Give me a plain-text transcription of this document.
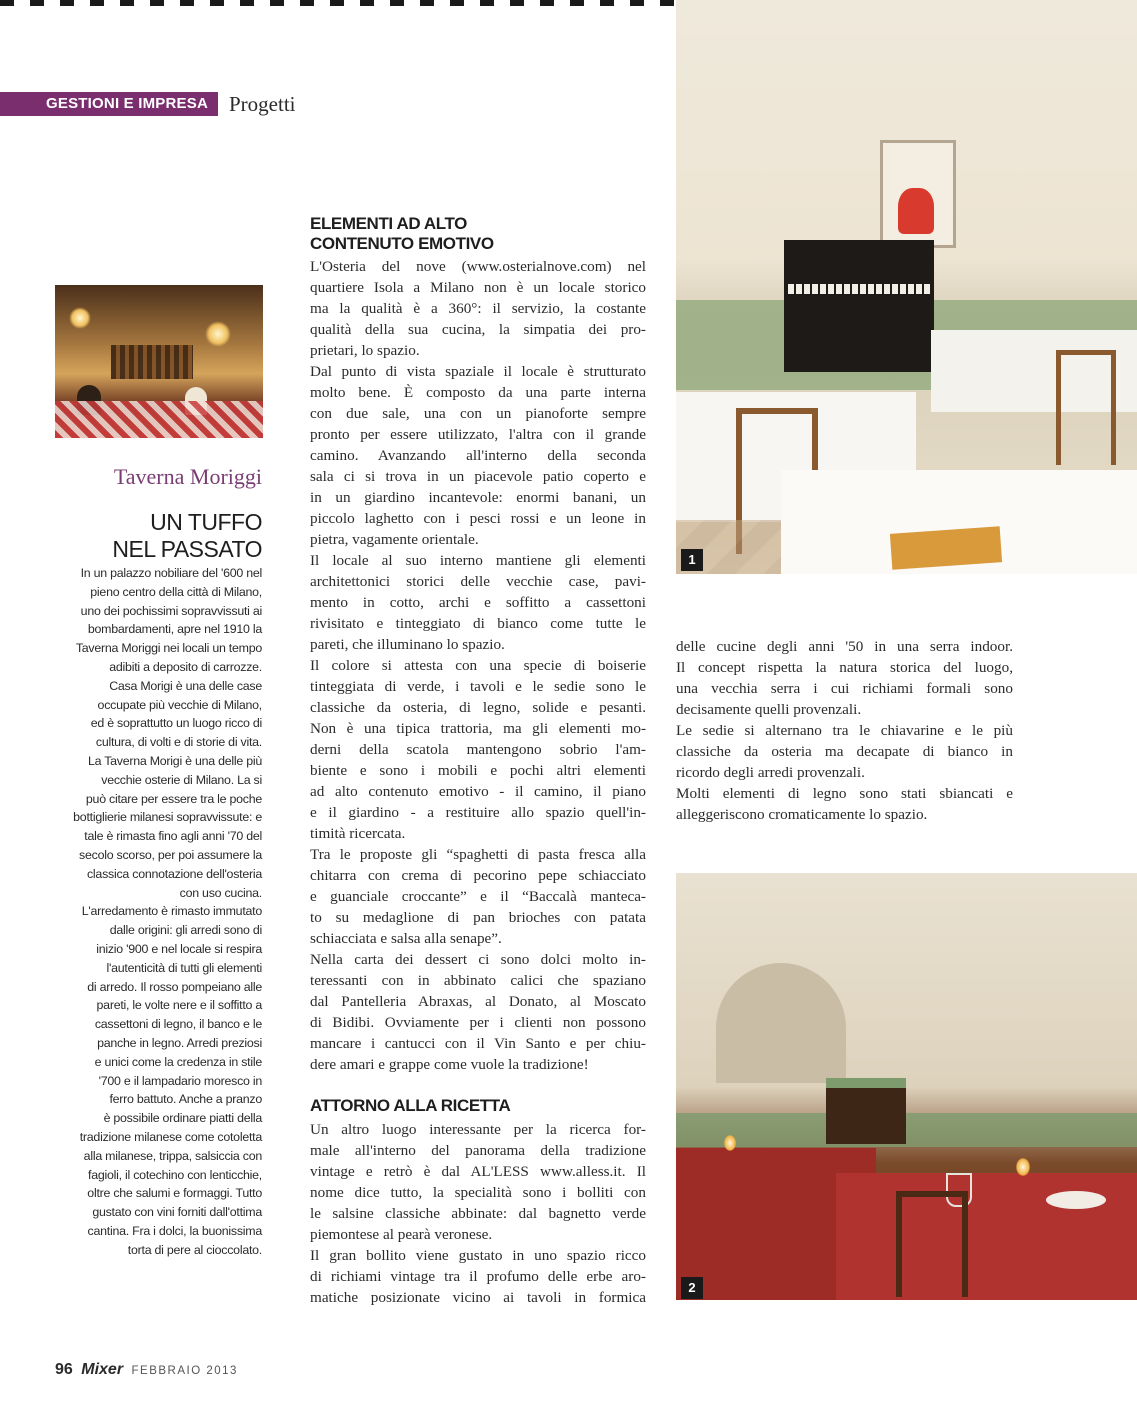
GESTIONI E IMPRESA	Progetti
Taverna Moriggi
UN TUFFO
NEL PASSATO
In un palazzo nobiliare del '600 nel
pieno centro della città di Milano,
uno dei pochissimi sopravvissuti ai
bombardamenti, apre nel 1910 la
Taverna Moriggi nei locali un tempo
adibiti a deposito di carrozze.
Casa Morigi è una delle case
occupate più vecchie di Milano,
ed è soprattutto un luogo ricco di
cultura, di volti e di storie di vita.
La Taverna Morigi è una delle più
vecchie osterie di Milano. La si
può citare per essere tra le poche
bottiglierie milanesi sopravvissute: e
tale è rimasta fino agli anni '70 del
secolo scorso, per poi assumere la
classica connotazione dell'osteria
con uso cucina.
L'arredamento è rimasto immutato
dalle origini: gli arredi sono di
inizio '900 e nel locale si respira
l'autenticità di tutti gli elementi
di arredo. Il rosso pompeiano alle
pareti, le volte nere e il soffitto a
cassettoni di legno, il banco e le
panche in legno. Arredi preziosi
e unici come la credenza in stile
'700 e il lampadario moresco in
ferro battuto. Anche a pranzo
è possibile ordinare piatti della
tradizione milanese come cotoletta
alla milanese, trippa, salsiccia con
fagioli, il cotechino con lenticchie,
oltre che salumi e formaggi. Tutto
gustato con vini forniti dall'ottima
cantina. Fra i dolci, la buonissima
torta di pere al cioccolato.
ELEMENTI AD ALTO
CONTENUTO EMOTIVO
L'Osteria del nove (www.osterialnove.com) nel
quartiere Isola a Milano non è un locale storico
ma la qualità è a 360°: il servizio, la costante
qualità della sua cucina, la simpatia dei pro-
prietari, lo spazio.
Dal punto di vista spaziale il locale è strutturato
molto bene. È composto da una parte interna
con due sale, una con un pianoforte sempre
pronto per essere utilizzato, l'altra con il grande
camino. Avanzando all'interno della seconda
sala ci si trova in un piacevole patio coperto e
in un giardino incantevole: enormi banani, un
piccolo laghetto con i pesci rossi e un leone in
pietra, vagamente orientale.
Il locale al suo interno mantiene gli elementi
architettonici storici delle vecchie case, pavi-
mento in cotto, archi e soffitto a cassettoni
rivisitato e tinteggiato di bianco come tutte le
pareti, che illuminano lo spazio.
Il colore si attesta con una specie di boiserie
tinteggiata di verde, i tavoli e le sedie sono le
classiche da osteria, di legno, solide e pesanti.
Non è una tipica trattoria, ma gli elementi mo-
derni della scatola mantengono sobrio l'am-
biente e sono i mobili e pochi altri elementi
ad alto contenuto emotivo - il camino, il piano
e il giardino - a restituire allo spazio quell'in-
timità ricercata.
Tra le proposte gli “spaghetti di pasta fresca alla
chitarra con crema di pecorino pepe schiacciato
e guanciale croccante” e il “Baccalà manteca-
to su medaglione di pan brioches con patata
schiacciata e salsa alla senape”.
Nella carta dei dessert ci sono dolci molto in-
teressanti con in abbinato calici che spaziano
dal Pantelleria Abraxas, al Donato, al Moscato
di Bidibi. Ovviamente per i clienti non possono
mancare i cantucci con il Vin Santo e per chiu-
dere amari e grappe come vuole la tradizione!
ATTORNO ALLA RICETTA
Un altro luogo interessante per la ricerca for-
male all'interno del panorama della tradizione
vintage e retrò è dal AL'LESS www.alless.it. Il
nome dice tutto, la specialità sono i bolliti con
le salsine classiche abbinate: dal bagnetto verde
piemontese al pearà veronese.
Il gran bollito viene gustato in uno spazio ricco
di richiami vintage tra il profumo delle erbe aro-
matiche posizionate vicino ai tavoli in formica
delle cucine degli anni '50 in una serra indoor.
Il concept rispetta la natura storica del luogo,
una vecchia serra i cui richiami formali sono
decisamente quelli provenzali.
Le sedie si alternano tra le chiavarine e le più
classiche da osteria ma decapate di bianco in
ricordo degli arredi provenzali.
Molti elementi di legno sono stati sbiancati e
alleggeriscono cromaticamente lo spazio.
1
2
96 Mixer FEBBRAIO 2013
